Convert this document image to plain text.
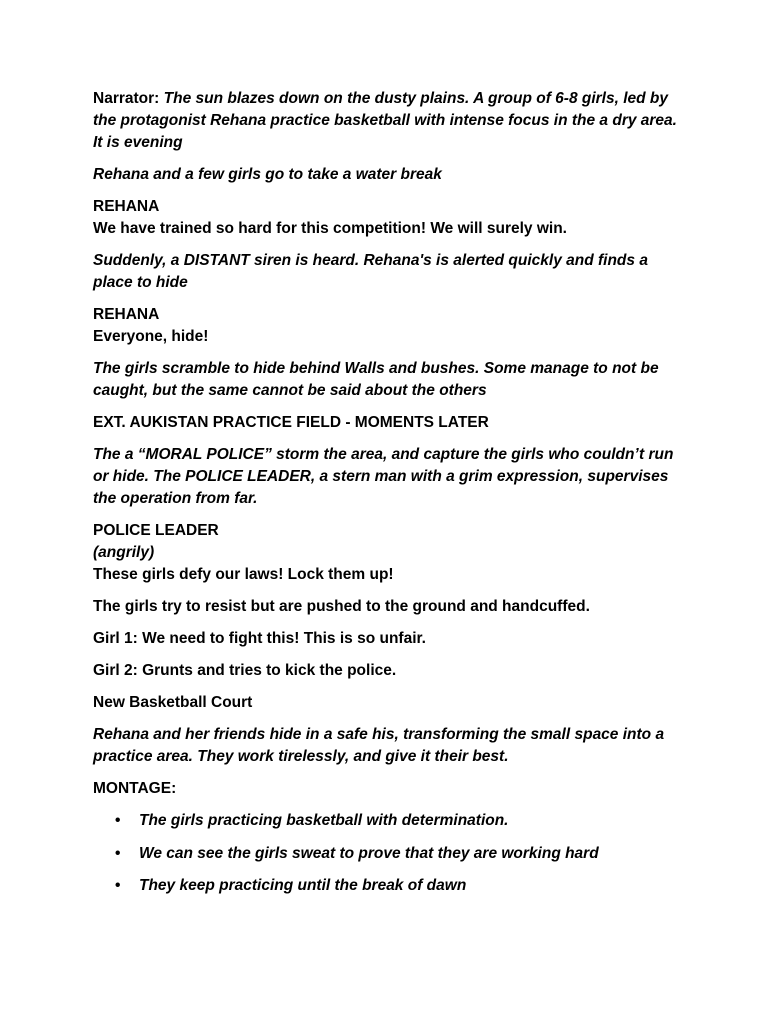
Narrator: The sun blazes down on the dusty plains. A group of 6-8 girls, led by the protagonist Rehana practice basketball with intense focus in the a dry area. It is evening

Rehana and a few girls go to take a water break

REHANA
We have trained so hard for this competition! We will surely win.

Suddenly, a DISTANT siren is heard. Rehana's is alerted quickly and finds a place to hide

REHANA
Everyone, hide!

The girls scramble to hide behind Walls and bushes. Some manage to not be caught, but the same cannot be said about the others

EXT. AUKISTAN PRACTICE FIELD - MOMENTS LATER

The a “MORAL POLICE” storm the area, and capture the girls who couldn’t run or hide. The POLICE LEADER, a stern man with a grim expression, supervises the operation from far.

POLICE LEADER
(angrily)
These girls defy our laws! Lock them up!

The girls try to resist but are pushed to the ground and handcuffed.

Girl 1: We need to fight this! This is so unfair.

Girl 2: Grunts and tries to kick the police.

New Basketball Court

Rehana and her friends hide in a safe his, transforming the small space into a practice area. They work tirelessly, and give it their best.

MONTAGE:

• The girls practicing basketball with determination.
• We can see the girls sweat to prove that they are working hard
• They keep practicing until the break of dawn
